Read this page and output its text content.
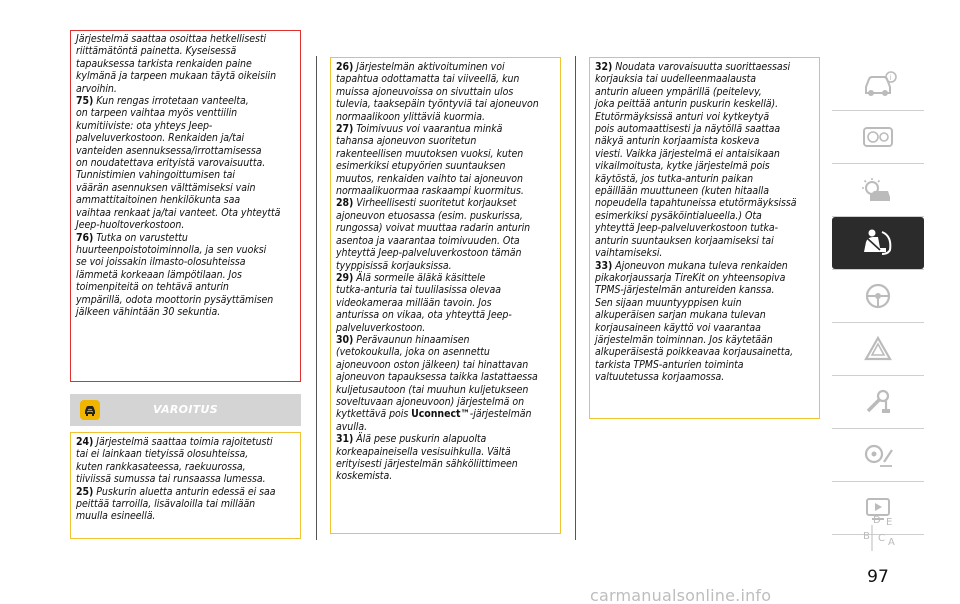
Järjestelmä saattaa osoittaa hetkellisesti
riittämätöntä painetta. Kyseisessä
tapauksessa tarkista renkaiden paine
kylmänä ja tarpeen mukaan täytä oikeisiin
arvoihin.

75) Kun rengas irrotetaan vanteelta,
on tarpeen vaihtaa myös venttiilin
kumitiiviste: ota yhteys Jeep-
palveluverkostoon. Renkaiden ja/tai
vanteiden asennuksessa/irrottamisessa
on noudatettava erityistä varovaisuutta.
Tunnistimien vahingoittumisen tai
väärän asennuksen välttämiseksi vain
ammattitaitoinen henkilökunta saa
vaihtaa renkaat ja/tai vanteet. Ota yhteyttä
Jeep-huoltoverkostoon.

76) Tutka on varustettu
huurteenpoistotoiminnolla, ja sen vuoksi
se voi joissakin ilmasto-olosuhteissa
lämmetä korkeaan lämpötilaan. Jos
toimenpiteitä on tehtävä anturin
ympärillä, odota moottorin pysäyttämisen
jälkeen vähintään 30 sekuntia.

VAROITUS

24) Järjestelmä saattaa toimia rajoitetusti
tai ei lainkaan tietyissä olosuhteissa,
kuten rankkasateessa, raekuurossa,
tiiviissä sumussa tai runsaassa lumessa.

25) Puskurin aluetta anturin edessä ei saa
peittää tarroilla, lisävaloilla tai millään
muulla esineellä.

26) Järjestelmän aktivoituminen voi
tapahtua odottamatta tai viiveellä, kun
muissa ajoneuvoissa on sivuttain ulos
tulevia, taaksepäin työntyviä tai ajoneuvon
normaalikoon ylittäviä kuormia.

27) Toimivuus voi vaarantua minkä
tahansa ajoneuvon suoritetun
rakenteellisen muutoksen vuoksi, kuten
esimerkiksi etupyörien suuntauksen
muutos, renkaiden vaihto tai ajoneuvon
normaalikuormaa raskaampi kuormitus.

28) Virheellisesti suoritetut korjaukset
ajoneuvon etuosassa (esim. puskurissa,
rungossa) voivat muuttaa radarin anturin
asentoa ja vaarantaa toimivuuden. Ota
yhteyttä Jeep-palveluverkostoon tämän
tyyppisissä korjauksissa.

29) Älä sormeile äläkä käsittele
tutka-anturia tai tuulilasissa olevaa
videokameraa millään tavoin. Jos
anturissa on vikaa, ota yhteyttä Jeep-
palveluverkostoon.

30) Perävaunun hinaamisen
(vetokoukulla, joka on asennettu
ajoneuvoon oston jälkeen) tai hinattavan
ajoneuvon tapauksessa taikka lastattaessa
kuljetusautoon (tai muuhun kuljetukseen
soveltuvaan ajoneuvoon) järjestelmä on
kytkettävä pois Uconnect™-järjestelmän
avulla.

31) Älä pese puskurin alapuolta
korkeapaineisella vesisuihkulla. Vältä
erityisesti järjestelmän sähköliittimeen
koskemista.

32) Noudata varovaisuutta suorittaessasi
korjauksia tai uudelleenmaalausta
anturin alueen ympärillä (peitelevy,
joka peittää anturin puskurin keskellä).
Etutörmäyksissä anturi voi kytkeytyä
pois automaattisesti ja näytöllä saattaa
näkyä anturin korjaamista koskeva
viesti. Vaikka järjestelmä ei antaisikaan
vikailmoitusta, kytke järjestelmä pois
käytöstä, jos tutka-anturin paikan
epäillään muuttuneen (kuten hitaalla
nopeudella tapahtuneissa etutörmäyksissä
esimerkiksi pysäköintialueella.) Ota
yhteyttä Jeep-palveluverkostoon tutka-
anturin suuntauksen korjaamiseksi tai
vaihtamiseksi.

33) Ajoneuvon mukana tuleva renkaiden
pikakorjaussarja TireKit on yhteensopiva
TPMS-järjestelmän antureiden kanssa.
Sen sijaan muuntyyppisen kuin
alkuperäisen sarjan mukana tulevan
korjausaineen käyttö voi vaarantaa
järjestelmän toiminnan. Jos käytetään
alkuperäisestä poikkeavaa korjausainetta,
tarkista TPMS-anturien toiminta
valtuutetussa korjaamossa.

i
D E
B C A
97
carmanualsonline.info
